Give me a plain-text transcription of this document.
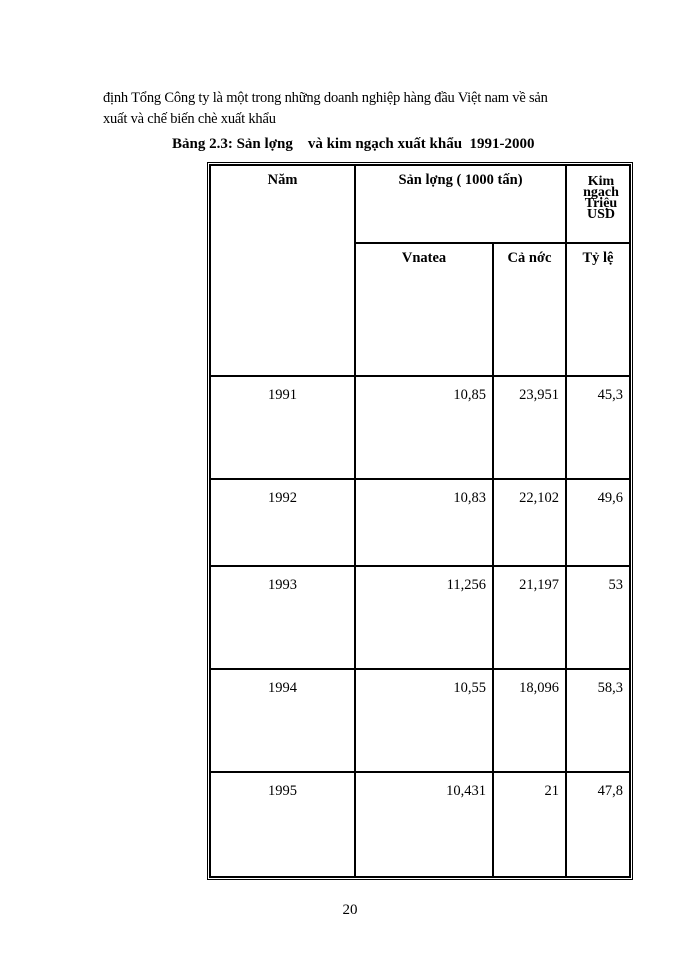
định Tổng Công ty là một trong những doanh nghiệp hàng đầu Việt nam về sản

xuất và chế biến chè xuất khẩu

Bảng 2.3: Sản lợng    và kim ngạch xuất khẩu  1991-2000
Năm	Sản lợng ( 1000 tấn)		Kim
ngạch
Triệu
USD
	Vnatea	Cả nớc	Tỷ lệ
1991	10,85	23,951	45,3
1992	10,83	22,102	49,6
1993	11,256	21,197	53
1994	10,55	18,096	58,3
1995	10,431	21	47,8
20
